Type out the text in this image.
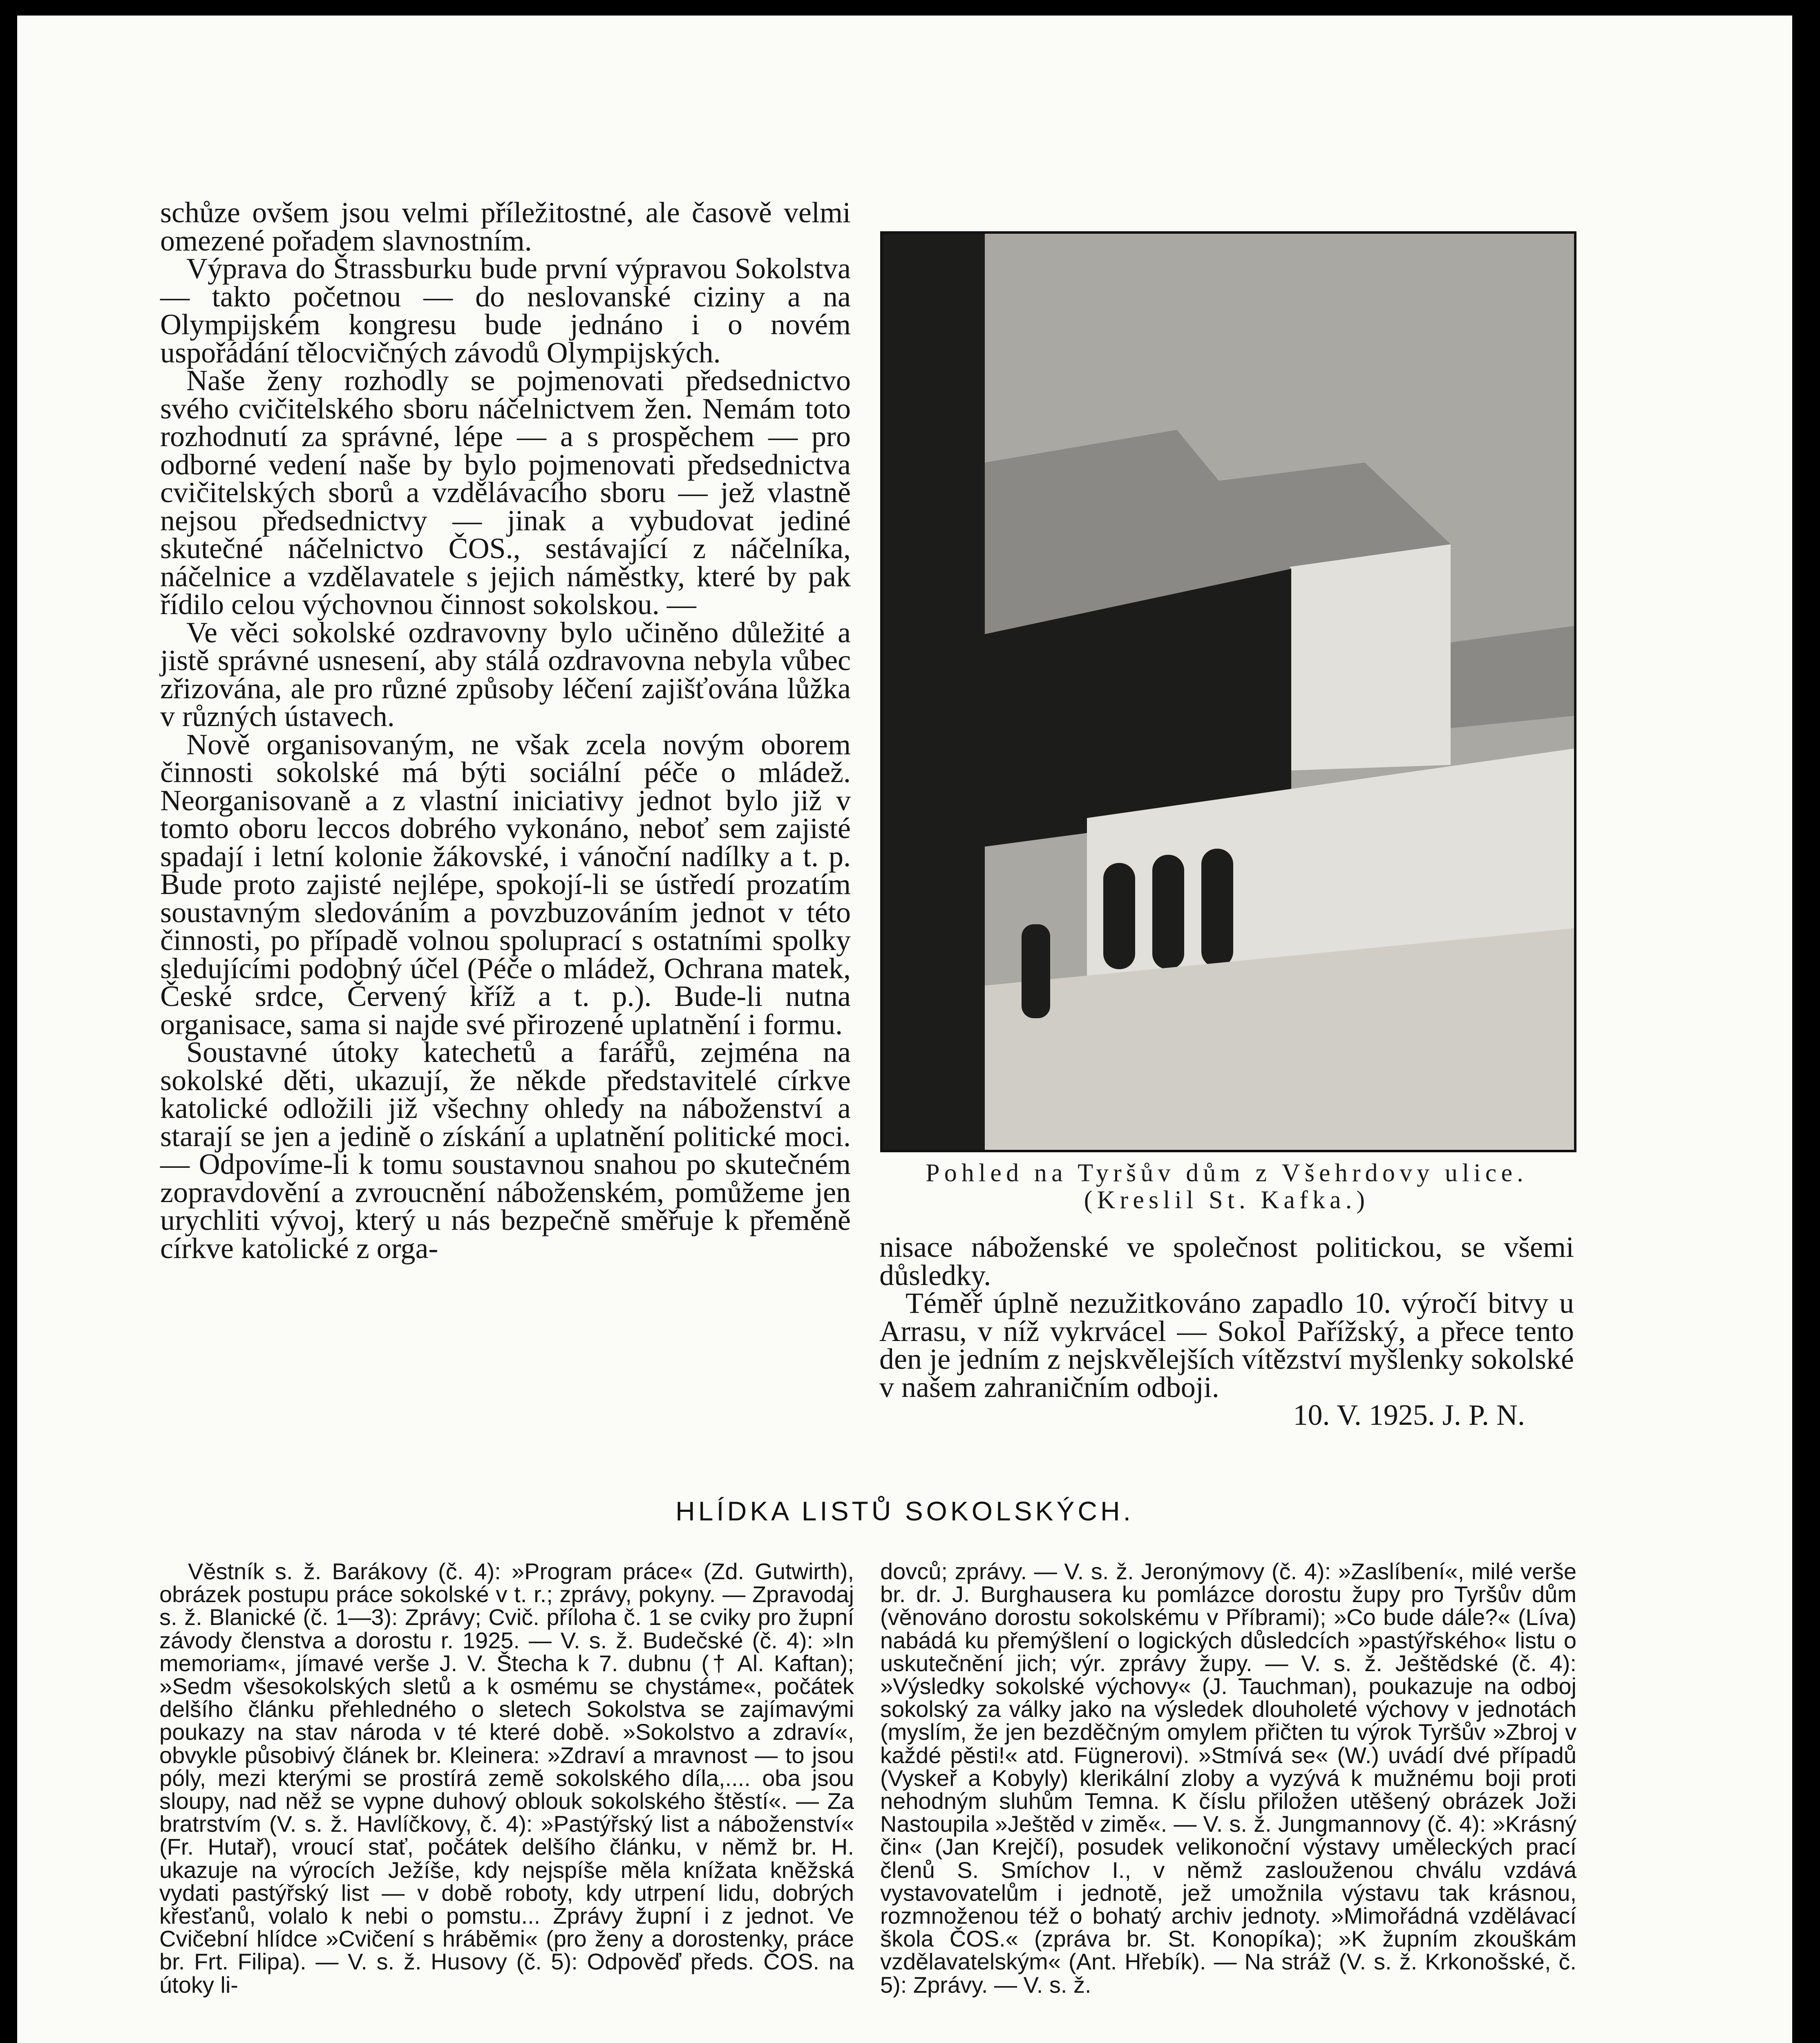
schůze ovšem jsou velmi příležitostné, ale časově velmi omezené pořadem slavnostním.

Výprava do Štrassburku bude první výpravou Sokolstva — takto početnou — do neslovanské ciziny a na Olympijském kongresu bude jednáno i o novém uspořádání tělocvičných závodů Olympijských.

Naše ženy rozhodly se pojmenovati předsednictvo svého cvičitelského sboru náčelnictvem žen. Nemám toto rozhodnutí za správné, lépe — a s prospěchem — pro odborné vedení naše by bylo pojmenovati předsednictva cvičitelských sborů a vzdělávacího sboru — jež vlastně nejsou předsednictvy — jinak a vybudovat jediné skutečné náčelnictvo ČOS., sestávající z náčelníka, náčelnice a vzdělavatele s jejich náměstky, které by pak řídilo celou výchovnou činnost sokolskou. —

Ve věci sokolské ozdravovny bylo učiněno důležité a jistě správné usnesení, aby stálá ozdravovna nebyla vůbec zřizována, ale pro různé způsoby léčení zajišťována lůžka v různých ústavech.

Nově organisovaným, ne však zcela novým oborem činnosti sokolské má býti sociální péče o mládež. Neorganisovaně a z vlastní iniciativy jednot bylo již v tomto oboru leccos dobrého vykonáno, neboť sem zajisté spadají i letní kolonie žákovské, i vánoční nadílky a t. p. Bude proto zajisté nejlépe, spokojí-li se ústředí prozatím soustavným sledováním a povzbuzováním jednot v této činnosti, po případě volnou spoluprací s ostatními spolky sledujícími podobný účel (Péče o mládež, Ochrana matek, České srdce, Červený kříž a t. p.). Bude-li nutna organisace, sama si najde své přirozené uplatnění i formu.

Soustavné útoky katechetů a farářů, zejména na sokolské děti, ukazují, že někde představitelé církve katolické odložili již všechny ohledy na náboženství a starají se jen a jedině o získání a uplatnění politické moci. — Odpovíme-li k tomu soustavnou snahou po skutečném zopravdovění a zvroucnění náboženském, pomůžeme jen urychliti vývoj, který u nás bezpečně směřuje k přeměně církve katolické z orga-

Pohled na Tyršův dům z Všehrdovy ulice.
(Kreslil St. Kafka.)

nisace náboženské ve společnost politickou, se všemi důsledky.

Téměř úplně nezužitkováno zapadlo 10. výročí bitvy u Arrasu, v níž vykrvácel — Sokol Pařížský, a přece tento den je jedním z nejskvělejších vítězství myšlenky sokolské v našem zahraničním odboji.

10. V. 1925. J. P. N.
HLÍDKA LISTŮ SOKOLSKÝCH.

Věstník s. ž. Barákovy (č. 4): »Program práce« (Zd. Gutwirth), obrázek postupu práce sokolské v t. r.; zprávy, pokyny. — Zpravodaj s. ž. Blanické (č. 1—3): Zprávy; Cvič. příloha č. 1 se cviky pro župní závody členstva a dorostu r. 1925. — V. s. ž. Budečské (č. 4): »In memoriam«, jímavé verše J. V. Štecha k 7. dubnu († Al. Kaftan); »Sedm všesokolských sletů a k osmému se chystáme«, počátek delšího článku přehledného o sletech Sokolstva se zajímavými poukazy na stav národa v té které době. »Sokolstvo a zdraví«, obvykle působivý článek br. Kleinera: »Zdraví a mravnost — to jsou póly, mezi kterými se prostírá země sokolského díla,.... oba jsou sloupy, nad něž se vypne duhový oblouk sokolského štěstí«. — Za bratrstvím (V. s. ž. Havlíčkovy, č. 4): »Pastýřský list a náboženství« (Fr. Hutař), vroucí stať, počátek delšího článku, v němž br. H. ukazuje na výrocích Ježíše, kdy nejspíše měla knížata kněžská vydati pastýřský list — v době roboty, kdy utrpení lidu, dobrých křesťanů, volalo k nebi o pomstu... Zprávy župní i z jednot. Ve Cvičební hlídce »Cvičení s hráběmi« (pro ženy a dorostenky, práce br. Frt. Filipa). — V. s. ž. Husovy (č. 5): Odpověď předs. ČOS. na útoky li-

dovců; zprávy. — V. s. ž. Jeronýmovy (č. 4): »Zaslíbení«, milé verše br. dr. J. Burghausera ku pomlázce dorostu župy pro Tyršův dům (věnováno dorostu sokolskému v Příbrami); »Co bude dále?« (Líva) nabádá ku přemýšlení o logických důsledcích »pastýřského« listu o uskutečnění jich; výr. zprávy župy. — V. s. ž. Ještědské (č. 4): »Výsledky sokolské výchovy« (J. Tauchman), poukazuje na odboj sokolský za války jako na výsledek dlouholeté výchovy v jednotách (myslím, že jen bezděčným omylem přičten tu výrok Tyršův »Zbroj v každé pěsti!« atd. Fügnerovi). »Stmívá se« (W.) uvádí dvé případů (Vyskeř a Kobyly) klerikální zloby a vyzývá k mužnému boji proti nehodným sluhům Temna. K číslu přiložen utěšený obrázek Joži Nastoupila »Ještěd v zimě«. — V. s. ž. Jungmannovy (č. 4): »Krásný čin« (Jan Krejčí), posudek velikonoční výstavy uměleckých prací členů S. Smíchov I., v němž zaslouženou chválu vzdává vystavovatelům i jednotě, jež umožnila výstavu tak krásnou, rozmnoženou též o bohatý archiv jednoty. »Mimořádná vzdělávací škola ČOS.« (zpráva br. St. Konopíka); »K župním zkouškám vzdělavatelským« (Ant. Hřebík). — Na stráž (V. s. ž. Krkonošské, č. 5): Zprávy. — V. s. ž.
